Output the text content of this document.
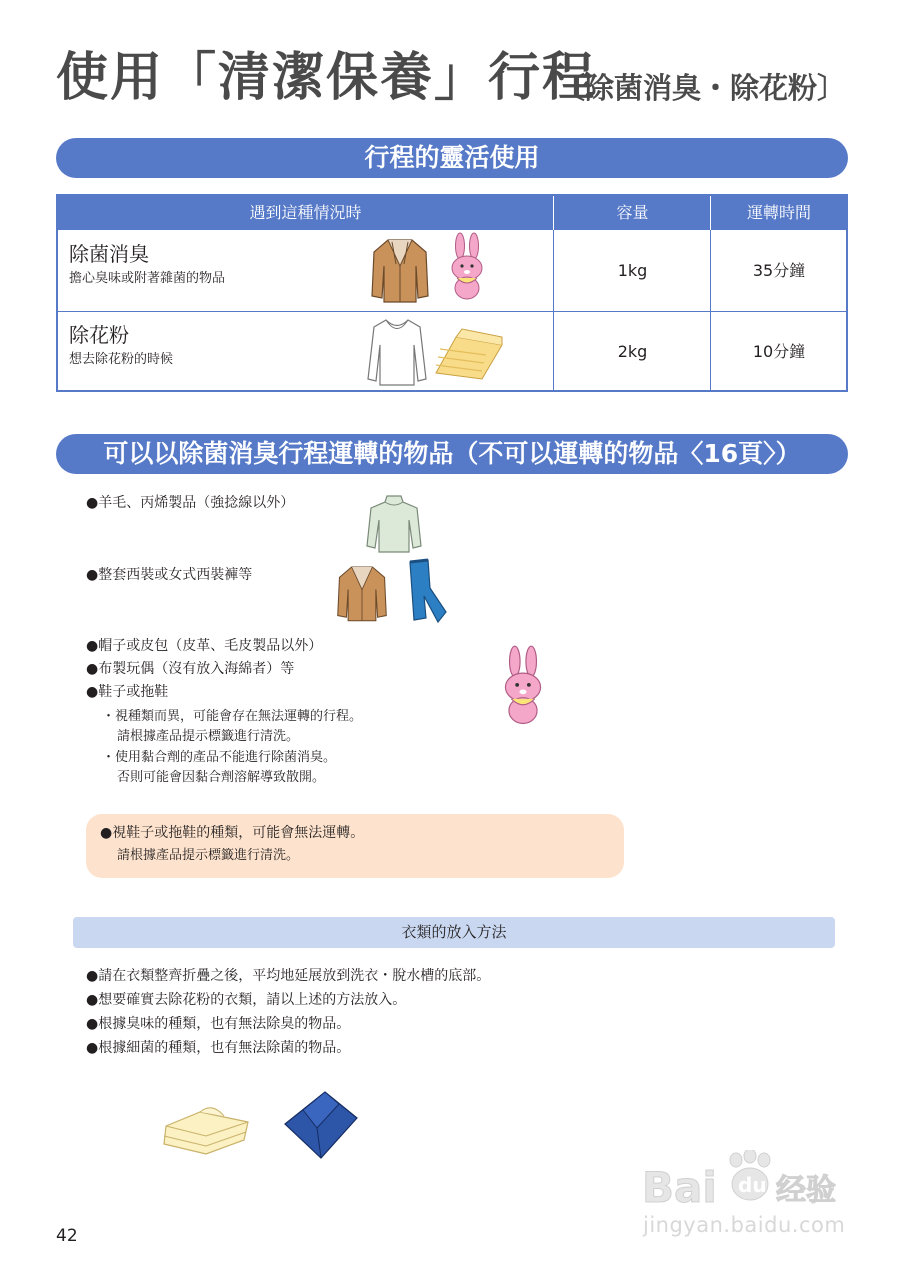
使用「清潔保養」行程
〔除菌消臭・除花粉〕
行程的靈活使用
遇到這種情況時	容量	運轉時間
除菌消臭
擔心臭味或附著雜菌的物品	1kg	35分鐘
除花粉
想去除花粉的時候	2kg	10分鐘
可以以除菌消臭行程運轉的物品（不可以運轉的物品〈16頁〉）
●羊毛、丙烯製品（強捻線以外）
●整套西裝或女式西裝褲等
●帽子或皮包（皮革、毛皮製品以外）
●布製玩偶（沒有放入海綿者）等
●鞋子或拖鞋
・視種類而異，可能會存在無法運轉的行程。
請根據產品提示標籤進行清洗。
・使用黏合劑的產品不能進行除菌消臭。
否則可能會因黏合劑溶解導致散開。
●視鞋子或拖鞋的種類，可能會無法運轉。
請根據產品提示標籤進行清洗。
衣類的放入方法
●請在衣類整齊折疊之後，平均地延展放到洗衣・脫水槽的底部。
●想要確實去除花粉的衣類，請以上述的方法放入。
●根據臭味的種類，也有無法除臭的物品。
●根據細菌的種類，也有無法除菌的物品。
42
Bai du 经验
jingyan.baidu.com
